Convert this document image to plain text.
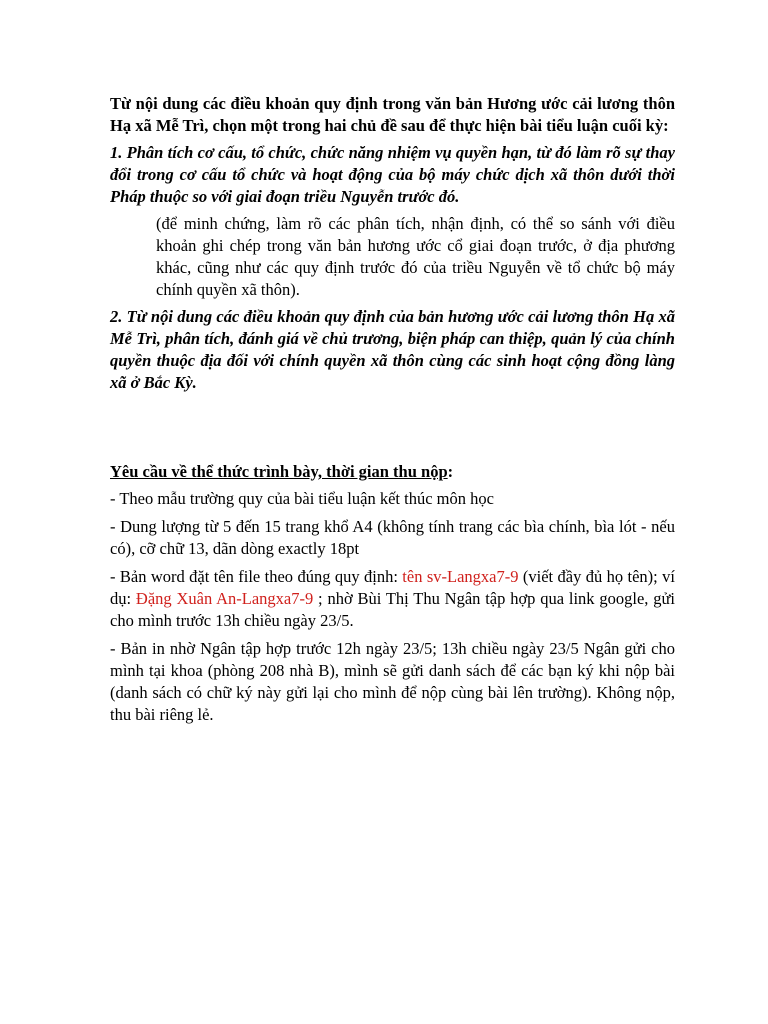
Từ nội dung các điều khoản quy định trong văn bản Hương ước cải lương thôn Hạ xã Mễ Trì, chọn một trong hai chủ đề sau để thực hiện bài tiểu luận cuối kỳ:

1. Phân tích cơ cấu, tổ chức, chức năng nhiệm vụ quyền hạn, từ đó làm rõ sự thay đổi trong cơ cấu tổ chức và hoạt động của bộ máy chức dịch xã thôn dưới thời Pháp thuộc so với giai đoạn triều Nguyễn trước đó.

(để minh chứng, làm rõ các phân tích, nhận định, có thể so sánh với điều khoản ghi chép trong văn bản hương ước cổ giai đoạn trước, ở địa phương khác, cũng như các quy định trước đó của triều Nguyễn về tổ chức bộ máy chính quyền xã thôn).

2. Từ nội dung các điều khoản quy định của bản hương ước cải lương thôn Hạ xã Mễ Trì, phân tích, đánh giá về chủ trương, biện pháp can thiệp, quản lý của chính quyền thuộc địa đối với chính quyền xã thôn cùng các sinh hoạt cộng đồng làng xã ở Bắc Kỳ.

Yêu cầu về thể thức trình bày, thời gian thu nộp:

- Theo mẫu trường quy của bài tiểu luận kết thúc môn học

- Dung lượng từ 5 đến 15 trang khổ A4 (không tính trang các bìa chính, bìa lót - nếu có), cỡ chữ 13, dãn dòng exactly 18pt

- Bản word đặt tên file theo đúng quy định: tên sv-Langxa7-9 (viết đầy đủ họ tên); ví dụ: Đặng Xuân An-Langxa7-9 ; nhờ Bùi Thị Thu Ngân tập hợp qua link google, gửi cho mình trước 13h chiều ngày 23/5.

- Bản in nhờ Ngân tập hợp trước 12h ngày 23/5; 13h chiều ngày 23/5 Ngân gửi cho mình tại khoa (phòng 208 nhà B), mình sẽ gửi danh sách để các bạn ký khi nộp bài (danh sách có chữ ký này gửi lại cho mình để nộp cùng bài lên trường). Không nộp, thu bài riêng lẻ.
